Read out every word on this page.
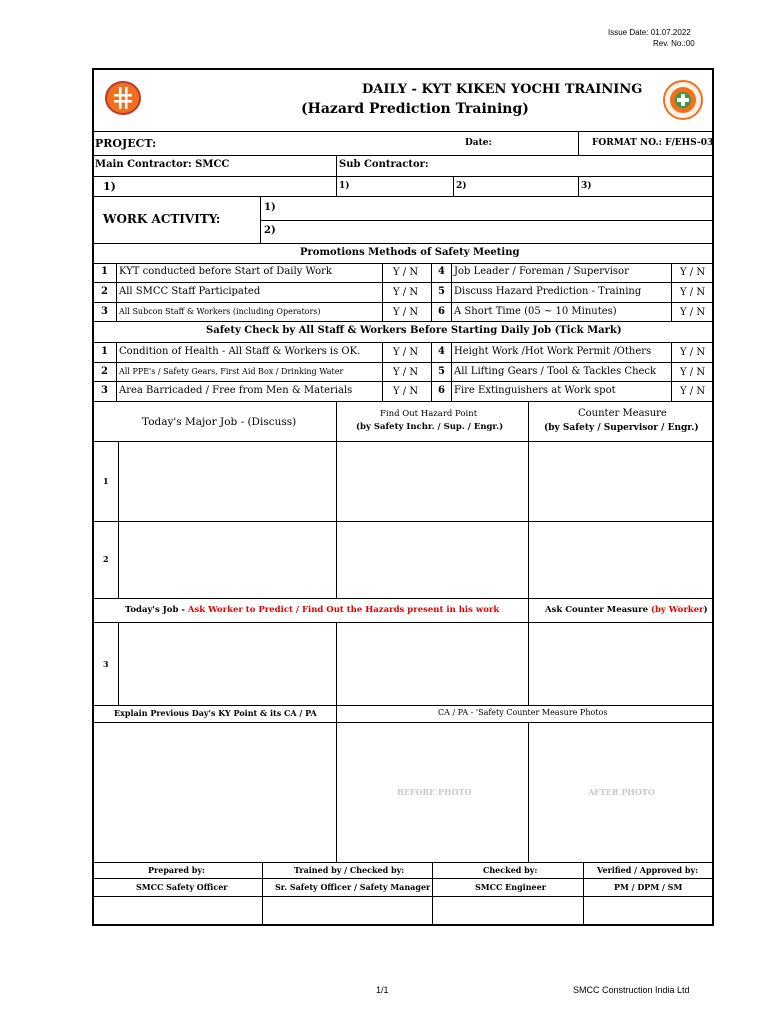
Issue Date: 01.07.2022
Rev. No.:00
DAILY - KYT KIKEN YOCHI TRAINING
(Hazard Prediction Training)
PROJECT:	Date:	FORMAT NO.: F/EHS-03
Main Contractor: SMCC	Sub Contractor:
1)	1)	2)	3)
WORK ACTIVITY:
1)
2)
Promotions Methods of Safety Meeting
1 KYT conducted before Start of Daily Work	Y / N 4 Job Leader / Foreman / Supervisor	Y / N
2 All SMCC Staff Participated	Y / N 5 Discuss Hazard Prediction - Training	Y / N
3 All Subcon Staff & Workers (including Operators)	Y / N 6 A Short Time (05 ~ 10 Minutes)	Y / N
Safety Check by All Staff & Workers Before Starting Daily Job (Tick Mark)
1 Condition of Health - All Staff & Workers is OK.	Y / N 4 Height Work /Hot Work Permit /Others	Y / N
2 All PPE's / Safety Gears, First Aid Box / Drinking Water	Y / N 5 All Lifting Gears / Tool & Tackles Check Y / N
3 Area Barricaded / Free from Men & Materials	Y / N 6 Fire Extinguishers at Work spot	Y / N
Today's Major Job - (Discuss)
Find Out Hazard Point
(by Safety Inchr. / Sup. / Engr.)
Counter Measure
(by Safety / Supervisor / Engr.)
1
2
Today's Job - Ask Worker to Predict / Find Out the Hazards present in his work	Ask Counter Measure (by Worker)
3
Explain Previous Day's KY Point & its CA / PA	CA / PA - 'Safety Counter Measure Photos
BEFORE PHOTO	AFTER PHOTO
Prepared by:	Trained by / Checked by:	Checked by:	Verified / Approved by:
SMCC Safety Officer	Sr. Safety Officer / Safety Manager	SMCC Engineer	PM / DPM / SM
1/1	SMCC Construction India Ltd
